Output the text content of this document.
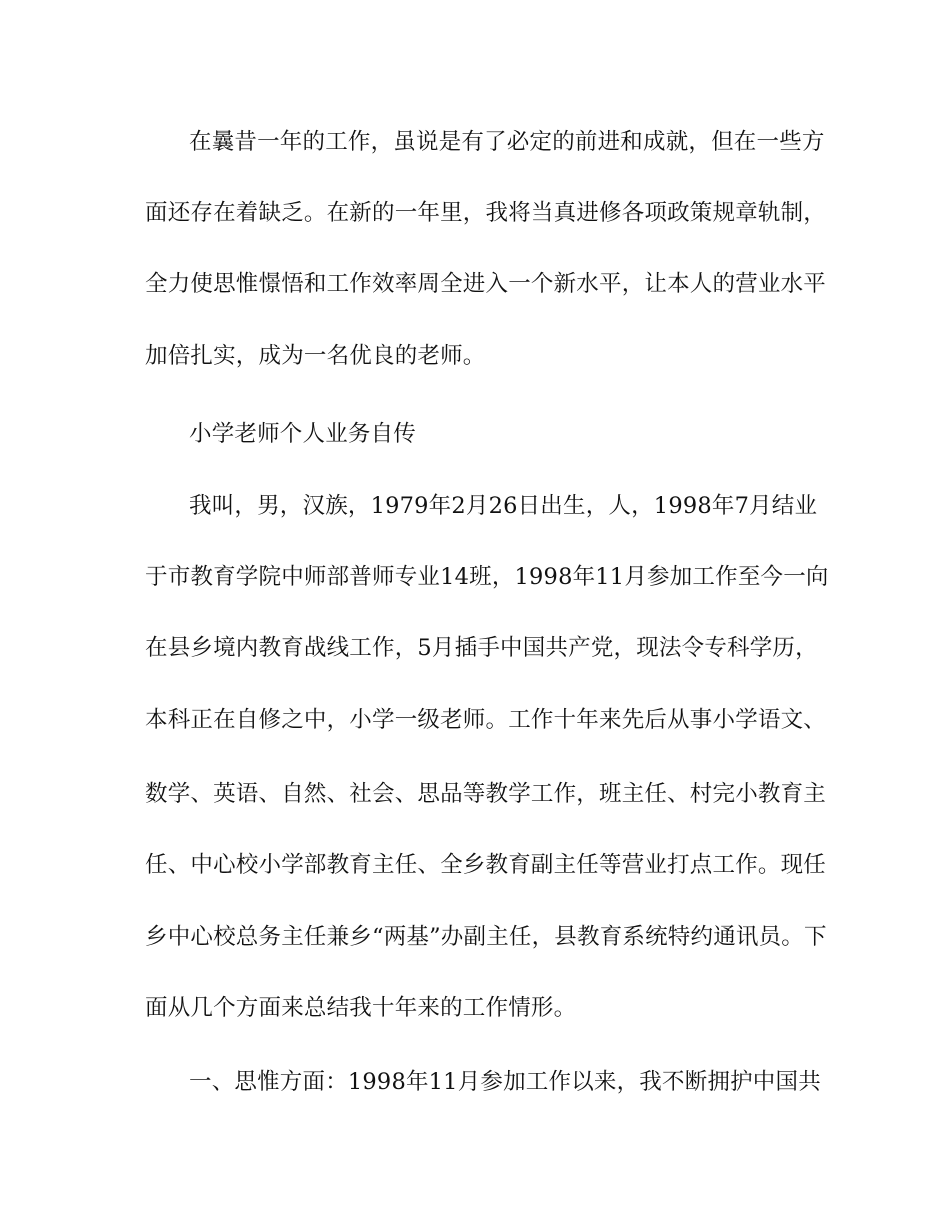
在曩昔一年的工作，虽说是有了必定的前进和成就，但在一些方
面还存在着缺乏。在新的一年里，我将当真进修各项政策规章轨制，
全力使思惟憬悟和工作效率周全进入一个新水平，让本人的营业水平
加倍扎实，成为一名优良的老师。
小学老师个人业务自传
我叫，男，汉族，1979年2月26日出生，人，1998年7月结业
于市教育学院中师部普师专业14班，1998年11月参加工作至今一向
在县乡境内教育战线工作，5月插手中国共产党，现法令专科学历，
本科正在自修之中，小学一级老师。工作十年来先后从事小学语文、
数学、英语、自然、社会、思品等教学工作，班主任、村完小教育主
任、中心校小学部教育主任、全乡教育副主任等营业打点工作。现任
乡中心校总务主任兼乡“两基”办副主任，县教育系统特约通讯员。下
面从几个方面来总结我十年来的工作情形。
一、思惟方面：1998年11月参加工作以来，我不断拥护中国共
